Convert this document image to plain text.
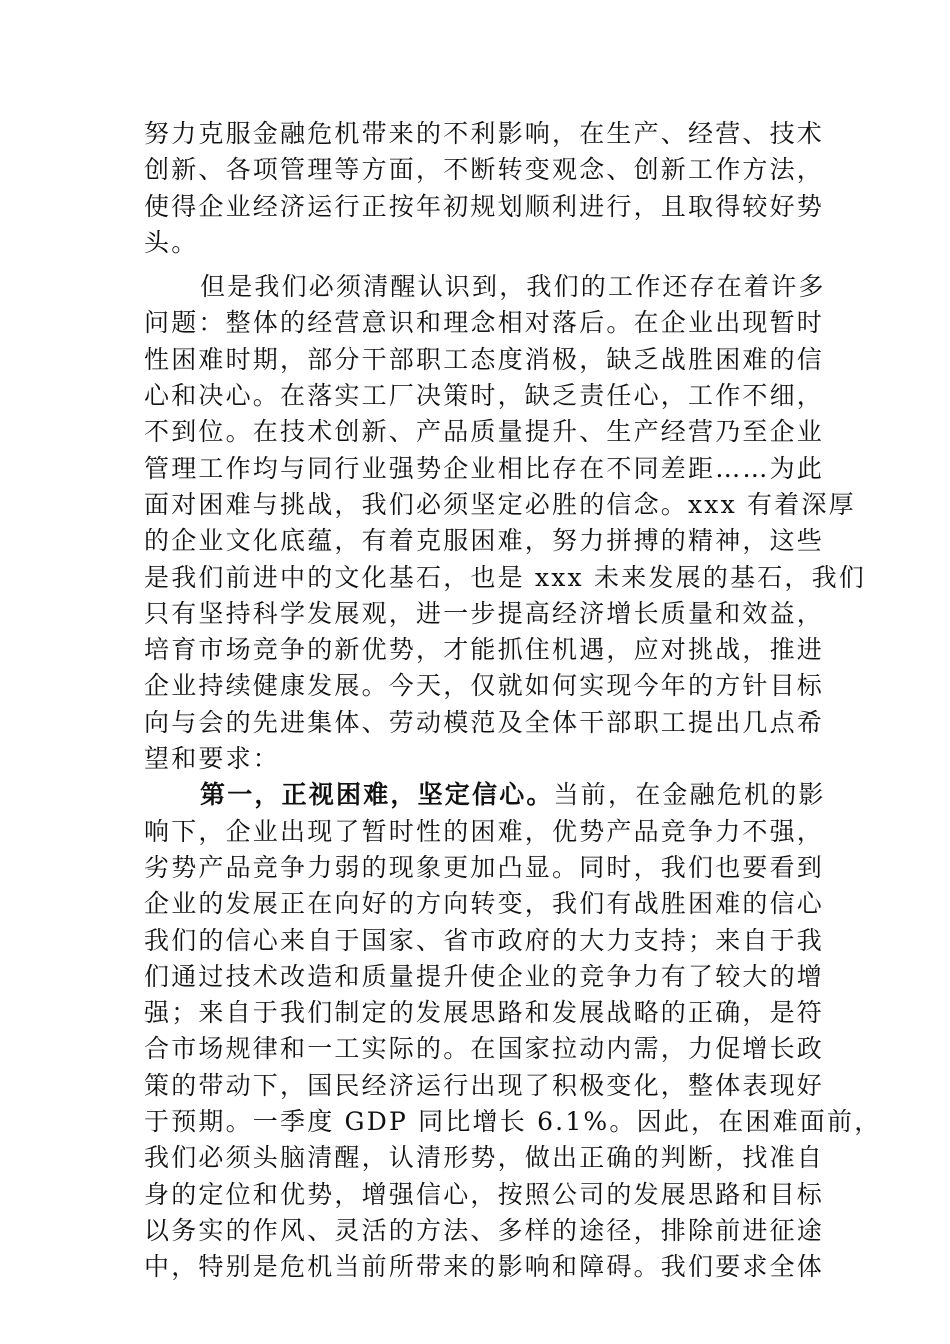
努力克服金融危机带来的不利影响，在生产、经营、技术
创新、各项管理等方面，不断转变观念、创新工作方法，
使得企业经济运行正按年初规划顺利进行，且取得较好势
头。
但是我们必须清醒认识到，我们的工作还存在着许多
问题：整体的经营意识和理念相对落后。在企业出现暂时
性困难时期，部分干部职工态度消极，缺乏战胜困难的信
心和决心。在落实工厂决策时，缺乏责任心，工作不细，
不到位。在技术创新、产品质量提升、生产经营乃至企业
管理工作均与同行业强势企业相比存在不同差距……为此
面对困难与挑战，我们必须坚定必胜的信念。xxx 有着深厚
的企业文化底蕴，有着克服困难，努力拼搏的精神，这些
是我们前进中的文化基石，也是 xxx 未来发展的基石，我们
只有坚持科学发展观，进一步提高经济增长质量和效益，
培育市场竞争的新优势，才能抓住机遇，应对挑战，推进
企业持续健康发展。今天，仅就如何实现今年的方针目标
向与会的先进集体、劳动模范及全体干部职工提出几点希
望和要求：
第一，正视困难，坚定信心。当前，在金融危机的影
响下，企业出现了暂时性的困难，优势产品竞争力不强，
劣势产品竞争力弱的现象更加凸显。同时，我们也要看到
企业的发展正在向好的方向转变，我们有战胜困难的信心
我们的信心来自于国家、省市政府的大力支持；来自于我
们通过技术改造和质量提升使企业的竞争力有了较大的增
强；来自于我们制定的发展思路和发展战略的正确，是符
合市场规律和一工实际的。在国家拉动内需，力促增长政
策的带动下，国民经济运行出现了积极变化，整体表现好
于预期。一季度 GDP 同比增长 6.1%。因此，在困难面前，
我们必须头脑清醒，认清形势，做出正确的判断，找准自
身的定位和优势，增强信心，按照公司的发展思路和目标
以务实的作风、灵活的方法、多样的途径，排除前进征途
中，特别是危机当前所带来的影响和障碍。我们要求全体
